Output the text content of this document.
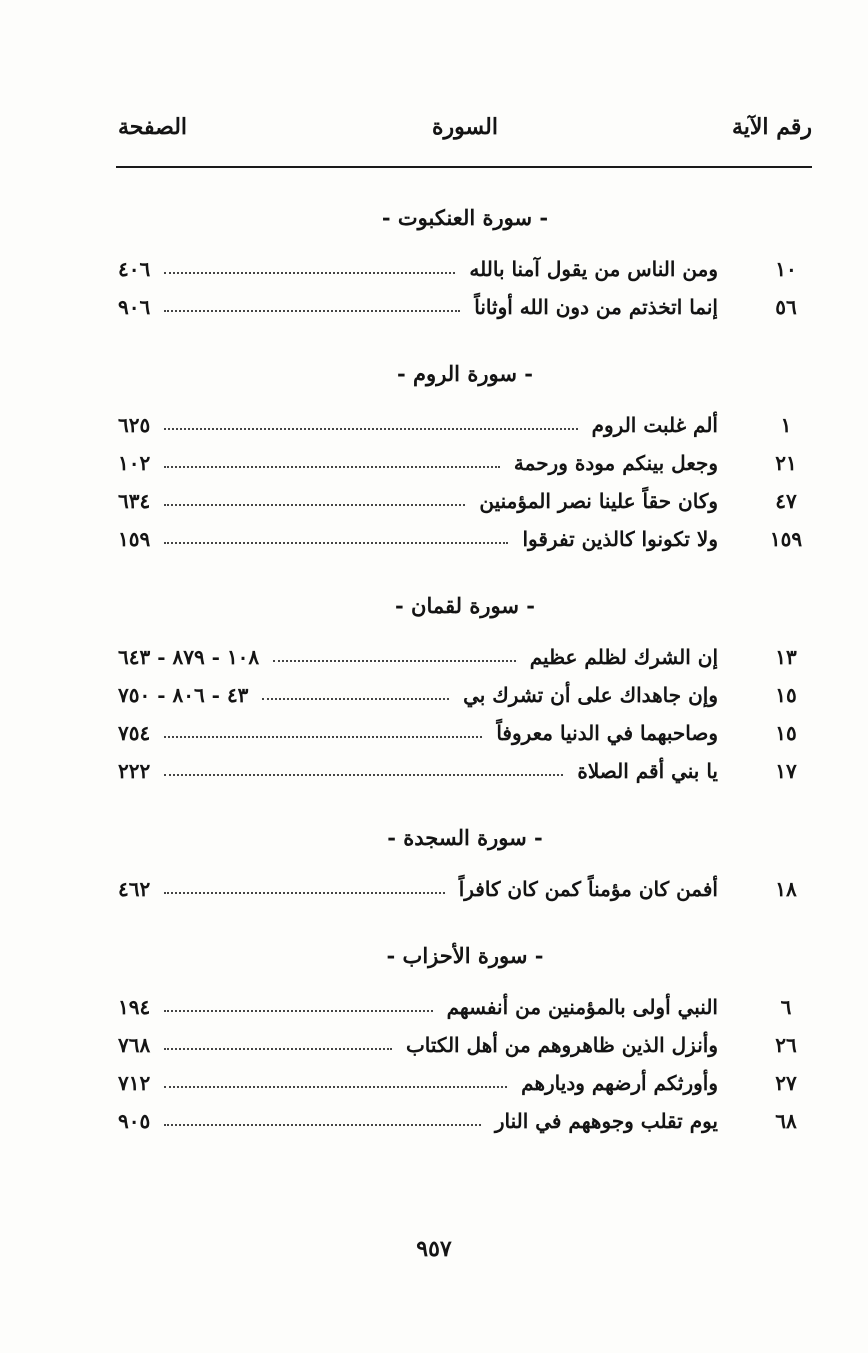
رقم الآية
السورة
الصفحة
- سورة العنكبوت -
١٠
ومن الناس من يقول آمنا بالله
٤٠٦
٥٦
إنما اتخذتم من دون الله أوثاناً
٩٠٦
- سورة الروم -
١
ألم غلبت الروم
٦٢٥
٢١
وجعل بينكم مودة ورحمة
١٠٢
٤٧
وكان حقاً علينا نصر المؤمنين
٦٣٤
١٥٩
ولا تكونوا كالذين تفرقوا
١٥٩
- سورة لقمان -
١٣
إن الشرك لظلم عظيم
١٠٨ - ٨٧٩ - ٦٤٣
١٥
وإن جاهداك على أن تشرك بي
٤٣ - ٨٠٦ - ٧٥٠
١٥
وصاحبهما في الدنيا معروفاً
٧٥٤
١٧
يا بني أقم الصلاة
٢٢٢
- سورة السجدة -
١٨
أفمن كان مؤمناً كمن كان كافراً
٤٦٢
- سورة الأحزاب -
٦
النبي أولى بالمؤمنين من أنفسهم
١٩٤
٢٦
وأنزل الذين ظاهروهم من أهل الكتاب
٧٦٨
٢٧
وأورثكم أرضهم وديارهم
٧١٢
٦٨
يوم تقلب وجوههم في النار
٩٠٥
٩٥٧
